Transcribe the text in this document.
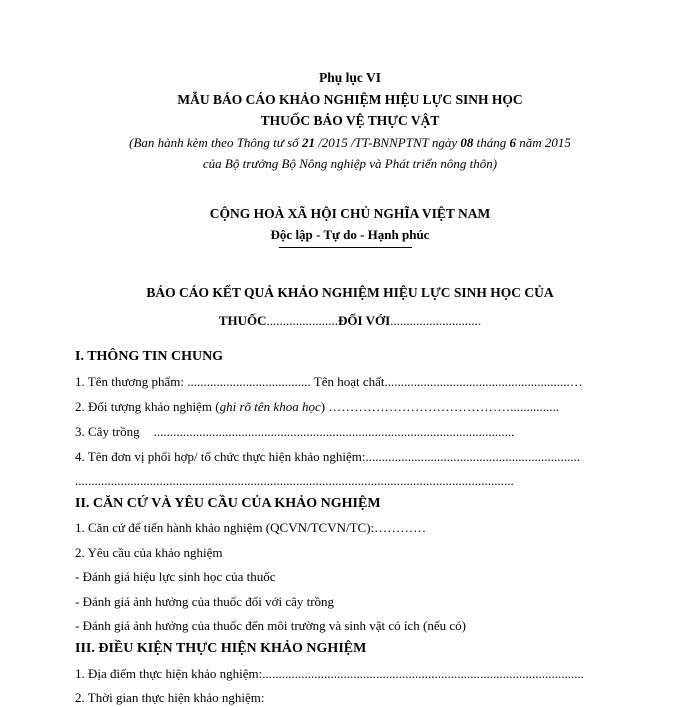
Phụ lục VI
MẪU BÁO CÁO KHẢO NGHIỆM HIỆU LỰC SINH HỌC
THUỐC BẢO VỆ THỰC VẬT
(Ban hành kèm theo Thông tư số 21 /2015 /TT-BNNPTNT ngày 08 tháng 6 năm 2015
của Bộ trưởng Bộ Nông nghiệp và Phát triển nông thôn)
CỘNG HOÀ XÃ HỘI CHỦ NGHĨA VIỆT NAM
Độc lập - Tự do - Hạnh phúc
BÁO CÁO KẾT QUẢ KHẢO NGHIỆM HIỆU LỰC SINH HỌC CỦA
THUỐC......................ĐỐI VỚI............................
I. THÔNG TIN CHUNG
1. Tên thương phẩm: ...................................... Tên hoạt chất.........................................................…
2. Đối tượng khảo nghiệm (ghi rõ tên khoa học) ……………………………………...............
3. Cây trồng ...............................................................................................................
4. Tên đơn vị phối hợp/ tổ chức thực hiện khảo nghiệm:..................................................................
.......................................................................................................................................
II. CĂN CỨ VÀ YÊU CẦU CỦA KHẢO NGHIỆM
1. Căn cứ để tiến hành khảo nghiệm (QCVN/TCVN/TC):…………
2. Yêu cầu của khảo nghiệm
- Đánh giá hiệu lực sinh học của thuốc
- Đánh giá ảnh hưởng của thuốc đối với cây trồng
- Đánh giá ảnh hưởng của thuốc đến môi trường và sinh vật có ích (nếu có)
III. ĐIỀU KIỆN THỰC HIỆN KHẢO NGHIỆM
1. Địa điểm thực hiện khảo nghiệm:...................................................................................................
2. Thời gian thực hiện khảo nghiệm:
